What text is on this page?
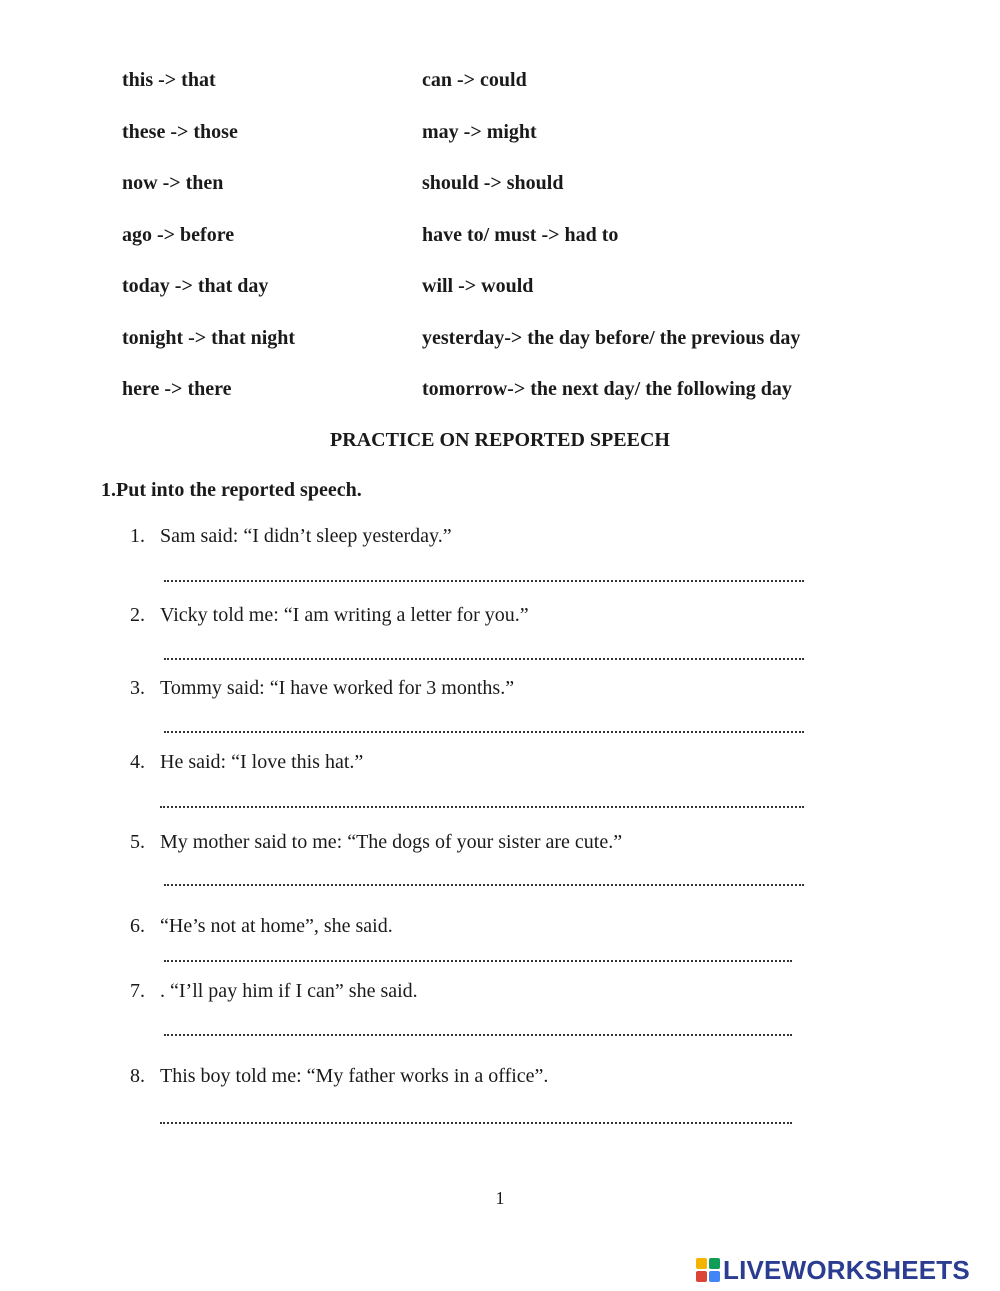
this -> that
these -> those
now -> then
ago -> before
today -> that day
tonight -> that night
here -> there
can -> could
may -> might
should -> should
have to/ must -> had to
will -> would
yesterday-> the day before/ the previous day
tomorrow-> the next day/ the following day
PRACTICE ON REPORTED SPEECH
1.Put into the reported speech.
1. Sam said: “I didn’t sleep yesterday.”
2. Vicky told me: “I am writing a letter for you.”
3. Tommy said: “I have worked for 3 months.”
4. He said: “I love this hat.”
5. My mother said to me: “The dogs of your sister are cute.”
6. “He’s not at home”, she said.
7. . “I’ll pay him if I can” she said.
8. This boy told me: “My father works in a office”.
1
LIVEWORKSHEETS
